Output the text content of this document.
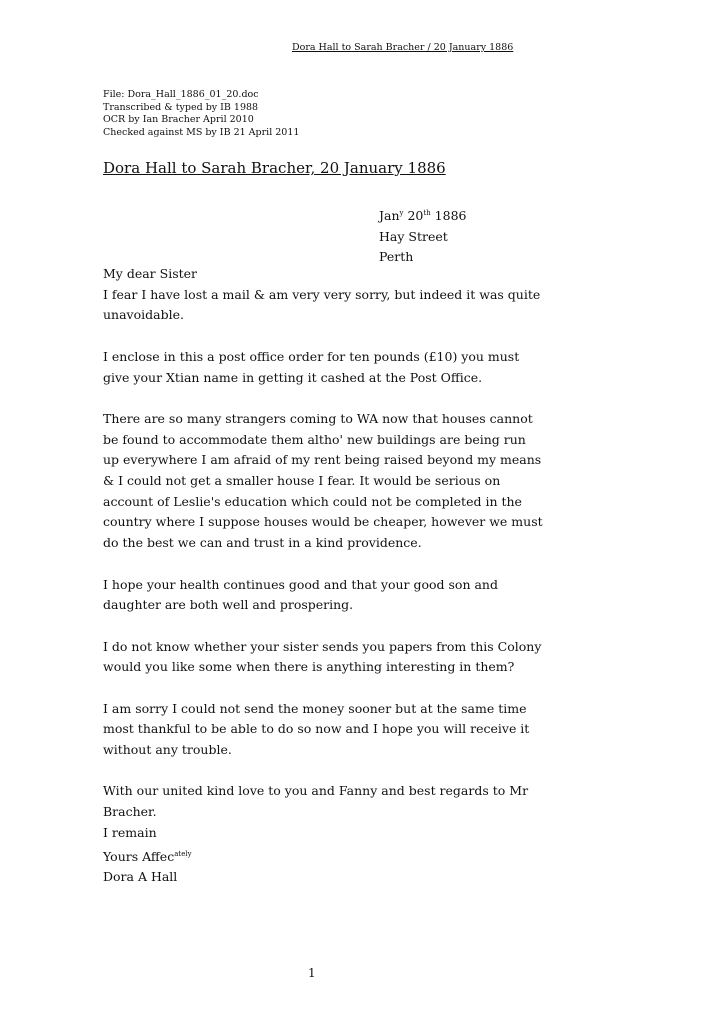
Dora Hall to Sarah Bracher / 20 January 1886
File: Dora_Hall_1886_01_20.doc
Transcribed & typed by IB 1988
OCR by Ian Bracher April 2010
Checked against MS by IB 21 April 2011
Dora Hall to Sarah Bracher, 20 January 1886
Jan$^y$ 20th 1886
Hay Street
Perth
My dear Sister
I fear I have lost a mail & am very very sorry, but indeed it was quite
unavoidable.
I enclose in this a post office order for ten pounds (£10) you must
give your Xtian name in getting it cashed at the Post Office.
There are so many strangers coming to WA now that houses cannot
be found to accommodate them altho' new buildings are being run
up everywhere I am afraid of my rent being raised beyond my means
& I could not get a smaller house I fear. It would be serious on
account of Leslie's education which could not be completed in the
country where I suppose houses would be cheaper, however we must
do the best we can and trust in a kind providence.
I hope your health continues good and that your good son and
daughter are both well and prospering.
I do not know whether your sister sends you papers from this Colony
would you like some when there is anything interesting in them?
I am sorry I could not send the money sooner but at the same time
most thankful to be able to do so now and I hope you will receive it
without any trouble.
With our united kind love to you and Fanny and best regards to Mr
Bracher.
I remain
Yours Affec$^{ately}$
Dora A Hall
1
